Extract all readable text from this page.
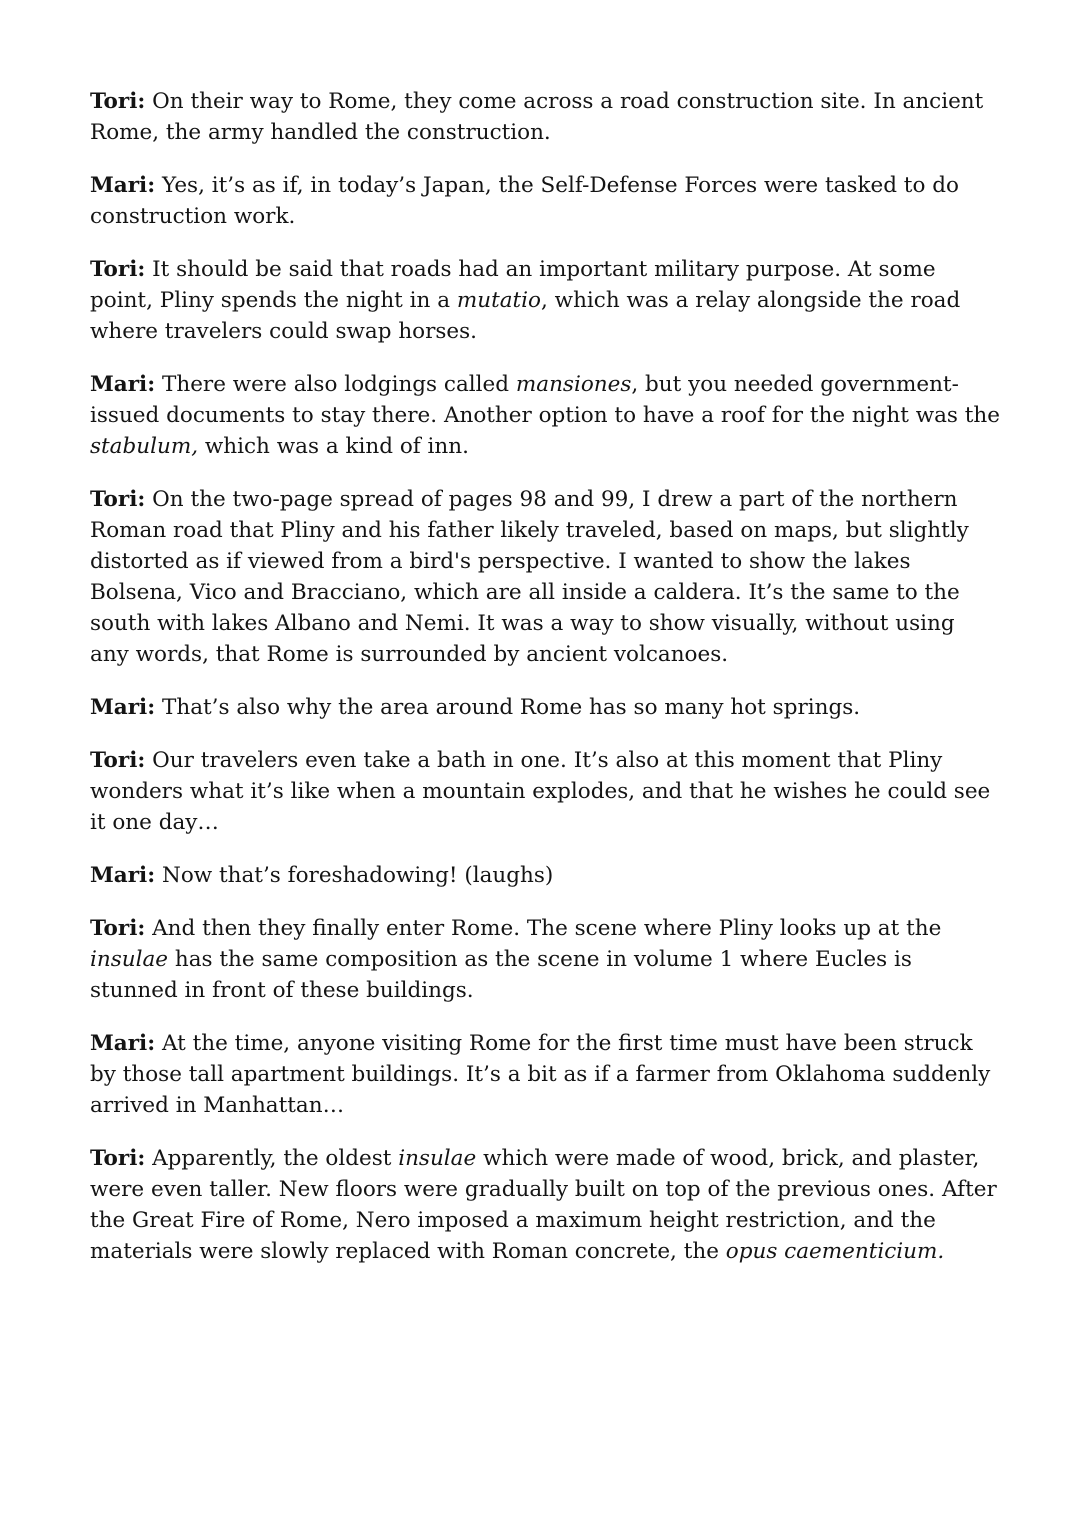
Tori: On their way to Rome, they come across a road construction site. In ancient Rome, the army handled the construction.

Mari: Yes, it’s as if, in today’s Japan, the Self-Defense Forces were tasked to do construction work.

Tori: It should be said that roads had an important military purpose. At some point, Pliny spends the night in a mutatio, which was a relay alongside the road where travelers could swap horses.

Mari: There were also lodgings called mansiones, but you needed government-issued documents to stay there. Another option to have a roof for the night was the stabulum, which was a kind of inn.

Tori: On the two-page spread of pages 98 and 99, I drew a part of the northern Roman road that Pliny and his father likely traveled, based on maps, but slightly distorted as if viewed from a bird's perspective. I wanted to show the lakes Bolsena, Vico and Bracciano, which are all inside a caldera. It’s the same to the south with lakes Albano and Nemi. It was a way to show visually, without using any words, that Rome is surrounded by ancient volcanoes.

Mari: That’s also why the area around Rome has so many hot springs.

Tori: Our travelers even take a bath in one. It’s also at this moment that Pliny wonders what it’s like when a mountain explodes, and that he wishes he could see it one day…

Mari: Now that’s foreshadowing! (laughs)

Tori: And then they finally enter Rome. The scene where Pliny looks up at the insulae has the same composition as the scene in volume 1 where Eucles is stunned in front of these buildings.

Mari: At the time, anyone visiting Rome for the first time must have been struck by those tall apartment buildings. It’s a bit as if a farmer from Oklahoma suddenly arrived in Manhattan…

Tori: Apparently, the oldest insulae which were made of wood, brick, and plaster, were even taller. New floors were gradually built on top of the previous ones. After the Great Fire of Rome, Nero imposed a maximum height restriction, and the materials were slowly replaced with Roman concrete, the opus caementicium.
